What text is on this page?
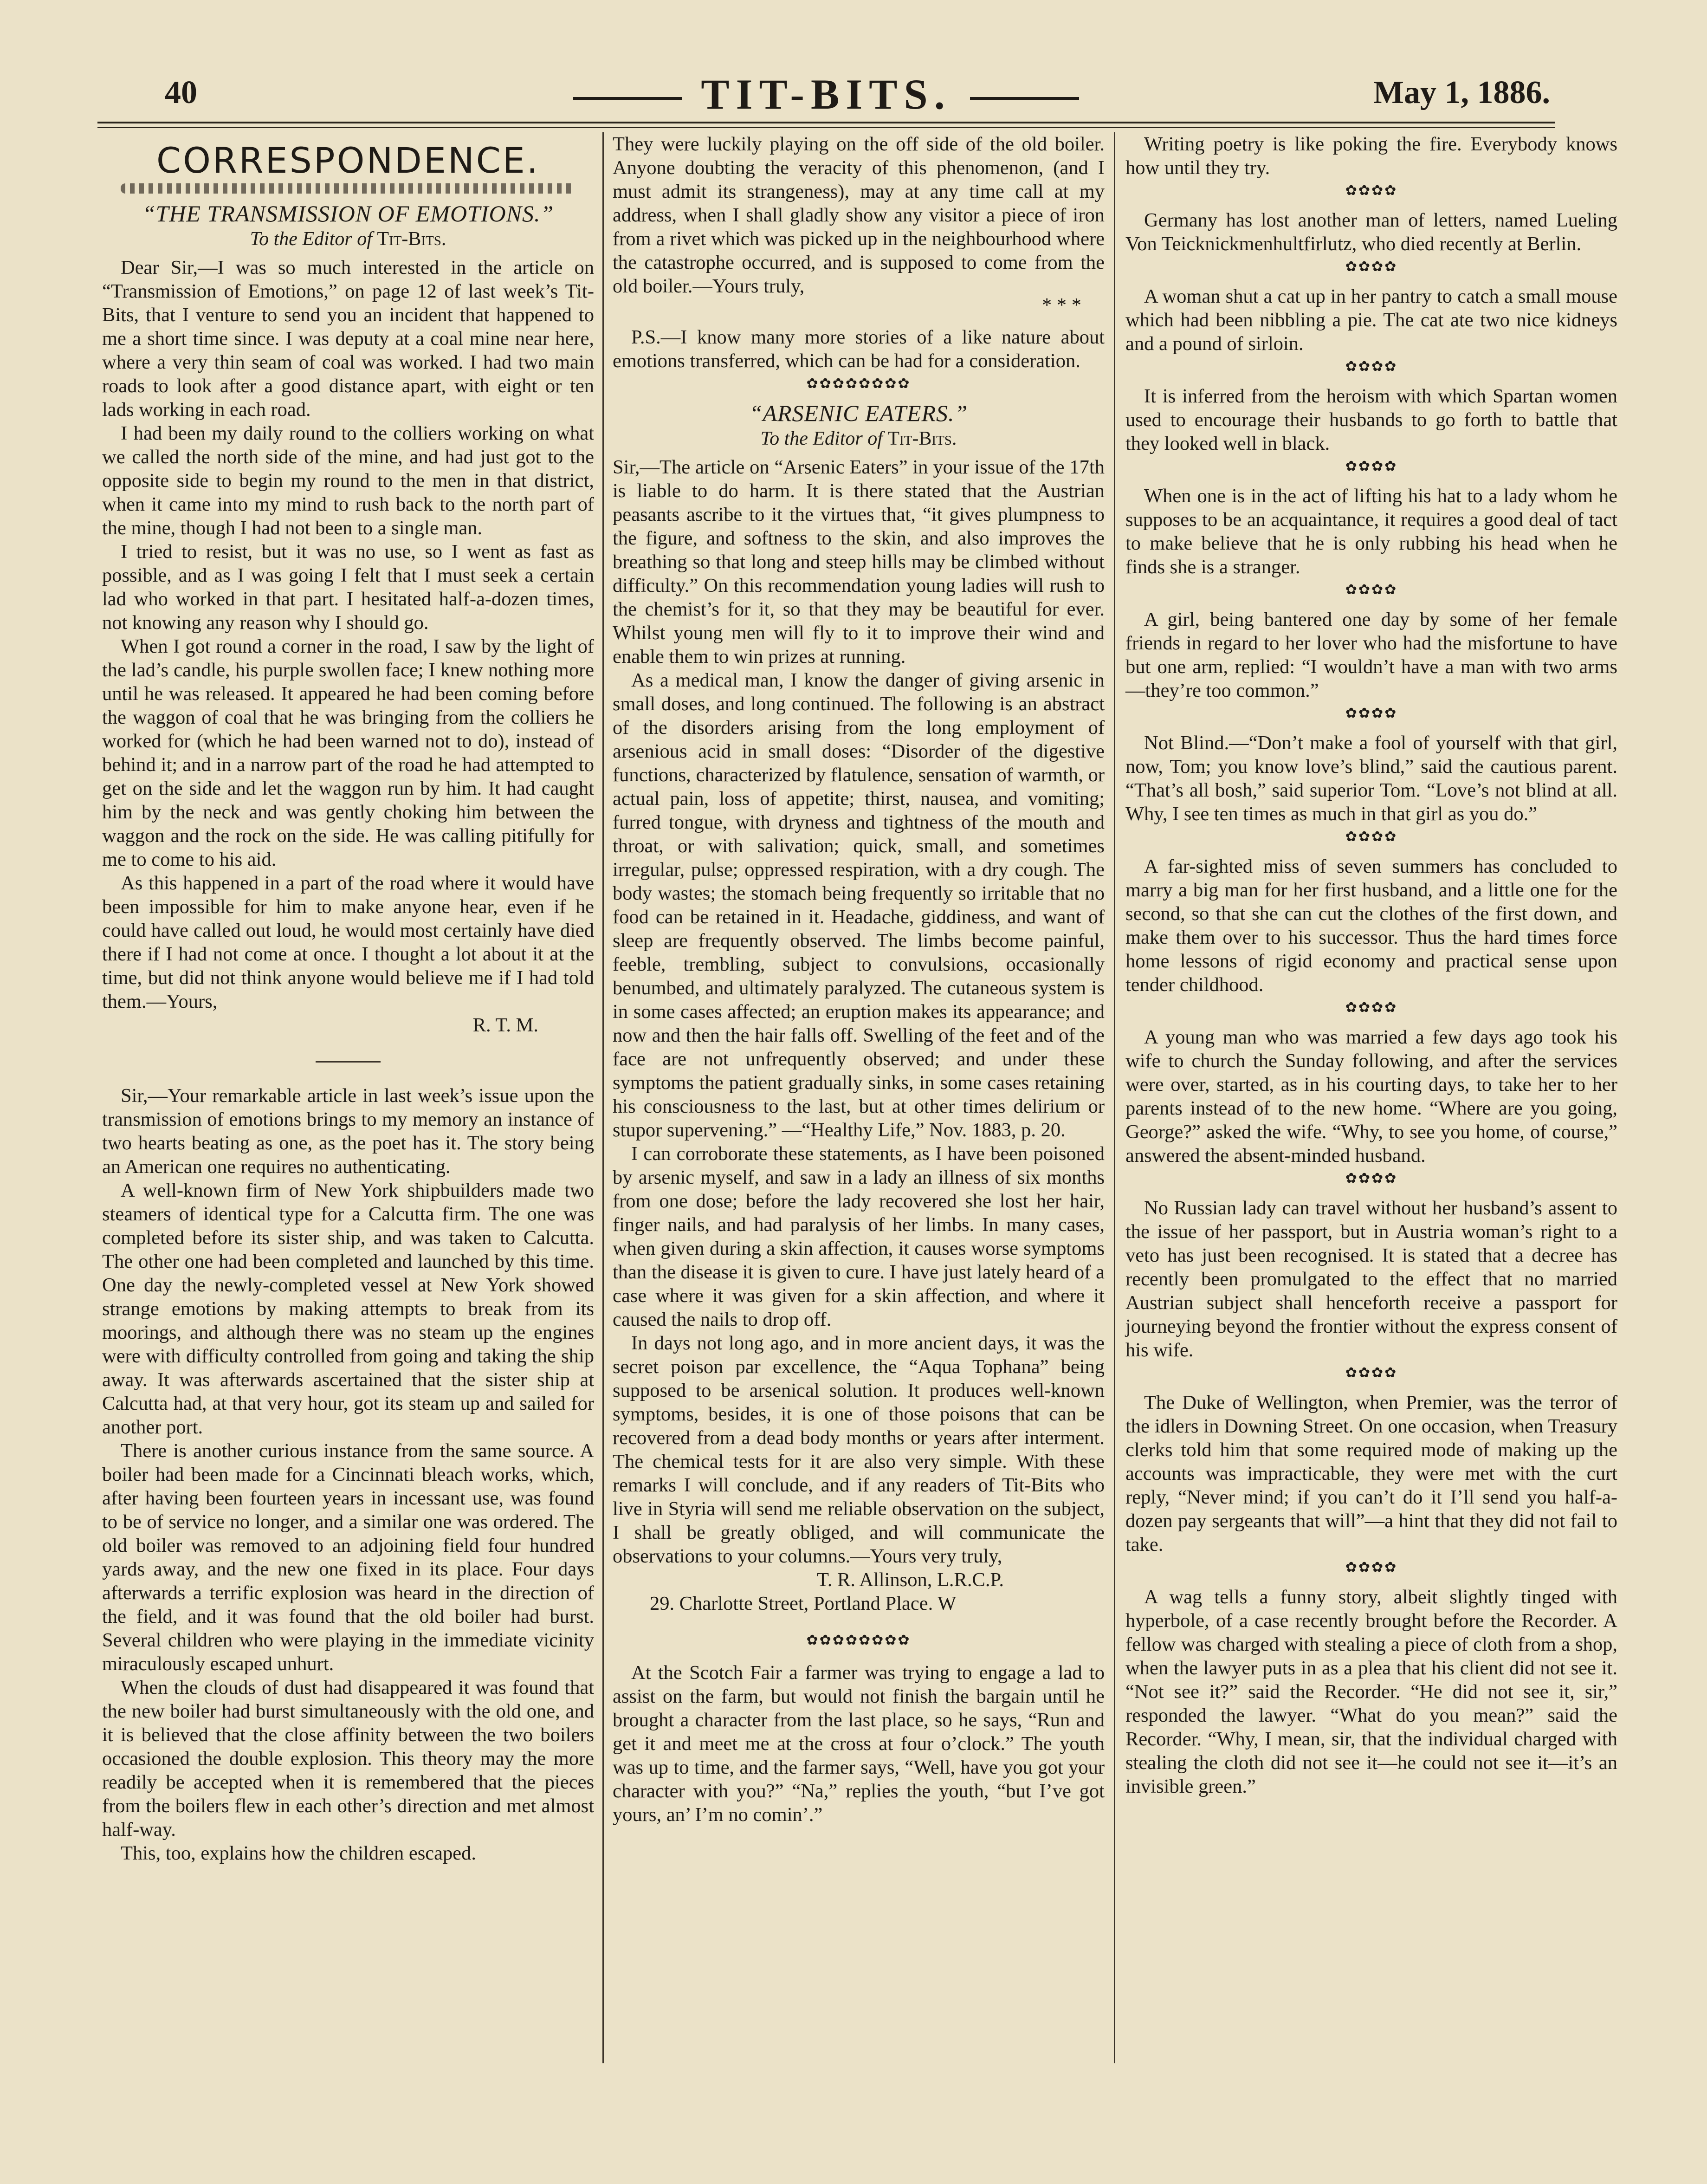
40	TIT-BITS.	May 1, 1886.
CORRESPONDENCE.
“THE TRANSMISSION OF EMOTIONS.”
To the Editor of Tit-Bits.

Dear Sir,—I was so much interested in the article on “Transmission of Emotions,” on page 12 of last week’s Tit-Bits, that I venture to send you an incident that happened to me a short time since. I was deputy at a coal mine near here, where a very thin seam of coal was worked. I had two main roads to look after a good distance apart, with eight or ten lads working in each road.

I had been my daily round to the colliers working on what we called the north side of the mine, and had just got to the opposite side to begin my round to the men in that district, when it came into my mind to rush back to the north part of the mine, though I had not been to a single man.

I tried to resist, but it was no use, so I went as fast as possible, and as I was going I felt that I must seek a certain lad who worked in that part. I hesitated half-a-dozen times, not knowing any reason why I should go.

When I got round a corner in the road, I saw by the light of the lad’s candle, his purple swollen face; I knew nothing more until he was released. It appeared he had been coming before the waggon of coal that he was bringing from the colliers he worked for (which he had been warned not to do), instead of behind it; and in a narrow part of the road he had attempted to get on the side and let the waggon run by him. It had caught him by the neck and was gently choking him between the waggon and the rock on the side. He was calling pitifully for me to come to his aid.

As this happened in a part of the road where it would have been impossible for him to make anyone hear, even if he could have called out loud, he would most certainly have died there if I had not come at once. I thought a lot about it at the time, but did not think anyone would believe me if I had told them.—Yours,

R. T. M.

Sir,—Your remarkable article in last week’s issue upon the transmission of emotions brings to my memory an instance of two hearts beating as one, as the poet has it. The story being an American one requires no authenticating.

A well-known firm of New York shipbuilders made two steamers of identical type for a Calcutta firm. The one was completed before its sister ship, and was taken to Calcutta. The other one had been completed and launched by this time. One day the newly-completed vessel at New York showed strange emotions by making attempts to break from its moorings, and although there was no steam up the engines were with difficulty controlled from going and taking the ship away. It was afterwards ascertained that the sister ship at Calcutta had, at that very hour, got its steam up and sailed for another port.

There is another curious instance from the same source. A boiler had been made for a Cincinnati bleach works, which, after having been fourteen years in incessant use, was found to be of service no longer, and a similar one was ordered. The old boiler was removed to an adjoining field four hundred yards away, and the new one fixed in its place. Four days afterwards a terrific explosion was heard in the direction of the field, and it was found that the old boiler had burst. Several children who were playing in the immediate vicinity miraculously escaped unhurt.

When the clouds of dust had disappeared it was found that the new boiler had burst simultaneously with the old one, and it is believed that the close affinity between the two boilers occasioned the double explosion. This theory may the more readily be accepted when it is remembered that the pieces from the boilers flew in each other’s direction and met almost half-way.

This, too, explains how the children escaped.

They were luckily playing on the off side of the old boiler. Anyone doubting the veracity of this phenomenon, (and I must admit its strangeness), may at any time call at my address, when I shall gladly show any visitor a piece of iron from a rivet which was picked up in the neighbourhood where the catastrophe occurred, and is supposed to come from the old boiler.—Yours truly,

* * *

P.S.—I know many more stories of a like nature about emotions transferred, which can be had for a consideration.

✿✿✿✿✿✿✿✿
“ARSENIC EATERS.”
To the Editor of Tit-Bits.

Sir,—The article on “Arsenic Eaters” in your issue of the 17th is liable to do harm. It is there stated that the Austrian peasants ascribe to it the virtues that, “it gives plumpness to the figure, and softness to the skin, and also improves the breathing so that long and steep hills may be climbed without difficulty.” On this recommendation young ladies will rush to the chemist’s for it, so that they may be beautiful for ever. Whilst young men will fly to it to improve their wind and enable them to win prizes at running.

As a medical man, I know the danger of giving arsenic in small doses, and long continued. The following is an abstract of the disorders arising from the long employment of arsenious acid in small doses: “Disorder of the digestive functions, characterized by flatulence, sensation of warmth, or actual pain, loss of appetite; thirst, nausea, and vomiting; furred tongue, with dryness and tightness of the mouth and throat, or with salivation; quick, small, and sometimes irregular, pulse; oppressed respiration, with a dry cough. The body wastes; the stomach being frequently so irritable that no food can be retained in it. Headache, giddiness, and want of sleep are frequently observed. The limbs become painful, feeble, trembling, subject to convulsions, occasionally benumbed, and ultimately paralyzed. The cutaneous system is in some cases affected; an eruption makes its appearance; and now and then the hair falls off. Swelling of the feet and of the face are not unfrequently observed; and under these symptoms the patient gradually sinks, in some cases retaining his consciousness to the last, but at other times delirium or stupor supervening.” —“Healthy Life,” Nov. 1883, p. 20.

I can corroborate these statements, as I have been poisoned by arsenic myself, and saw in a lady an illness of six months from one dose; before the lady recovered she lost her hair, finger nails, and had paralysis of her limbs. In many cases, when given during a skin affection, it causes worse symptoms than the disease it is given to cure. I have just lately heard of a case where it was given for a skin affection, and where it caused the nails to drop off.

In days not long ago, and in more ancient days, it was the secret poison par excellence, the “Aqua Tophana” being supposed to be arsenical solution. It produces well-known symptoms, besides, it is one of those poisons that can be recovered from a dead body months or years after interment. The chemical tests for it are also very simple. With these remarks I will conclude, and if any readers of Tit-Bits who live in Styria will send me reliable observation on the subject, I shall be greatly obliged, and will communicate the observations to your columns.—Yours very truly,

T. R. Allinson, L.R.C.P.

29. Charlotte Street, Portland Place. W

✿✿✿✿✿✿✿✿

At the Scotch Fair a farmer was trying to engage a lad to assist on the farm, but would not finish the bargain until he brought a character from the last place, so he says, “Run and get it and meet me at the cross at four o’clock.” The youth was up to time, and the farmer says, “Well, have you got your character with you?” “Na,” replies the youth, “but I’ve got yours, an’ I’m no comin’.”

Writing poetry is like poking the fire. Everybody knows how until they try.

✿✿✿✿

Germany has lost another man of letters, named Lueling Von Teicknickmenhultfirlutz, who died recently at Berlin.

✿✿✿✿

A woman shut a cat up in her pantry to catch a small mouse which had been nibbling a pie. The cat ate two nice kidneys and a pound of sirloin.

✿✿✿✿

It is inferred from the heroism with which Spartan women used to encourage their husbands to go forth to battle that they looked well in black.

✿✿✿✿

When one is in the act of lifting his hat to a lady whom he supposes to be an acquaintance, it requires a good deal of tact to make believe that he is only rubbing his head when he finds she is a stranger.

✿✿✿✿

A girl, being bantered one day by some of her female friends in regard to her lover who had the misfortune to have but one arm, replied: “I wouldn’t have a man with two arms—they’re too common.”

✿✿✿✿

Not Blind.—“Don’t make a fool of yourself with that girl, now, Tom; you know love’s blind,” said the cautious parent. “That’s all bosh,” said superior Tom. “Love’s not blind at all. Why, I see ten times as much in that girl as you do.”

✿✿✿✿

A far-sighted miss of seven summers has concluded to marry a big man for her first husband, and a little one for the second, so that she can cut the clothes of the first down, and make them over to his successor. Thus the hard times force home lessons of rigid economy and practical sense upon tender childhood.

✿✿✿✿

A young man who was married a few days ago took his wife to church the Sunday following, and after the services were over, started, as in his courting days, to take her to her parents instead of to the new home. “Where are you going, George?” asked the wife. “Why, to see you home, of course,” answered the absent-minded husband.

✿✿✿✿

No Russian lady can travel without her husband’s assent to the issue of her passport, but in Austria woman’s right to a veto has just been recognised. It is stated that a decree has recently been promulgated to the effect that no married Austrian subject shall henceforth receive a passport for journeying beyond the frontier without the express consent of his wife.

✿✿✿✿

The Duke of Wellington, when Premier, was the terror of the idlers in Downing Street. On one occasion, when Treasury clerks told him that some required mode of making up the accounts was impracticable, they were met with the curt reply, “Never mind; if you can’t do it I’ll send you half-a-dozen pay sergeants that will”—a hint that they did not fail to take.

✿✿✿✿

A wag tells a funny story, albeit slightly tinged with hyperbole, of a case recently brought before the Recorder. A fellow was charged with stealing a piece of cloth from a shop, when the lawyer puts in as a plea that his client did not see it. “Not see it?” said the Recorder. “He did not see it, sir,” responded the lawyer. “What do you mean?” said the Recorder. “Why, I mean, sir, that the individual charged with stealing the cloth did not see it—he could not see it—it’s an invisible green.”
